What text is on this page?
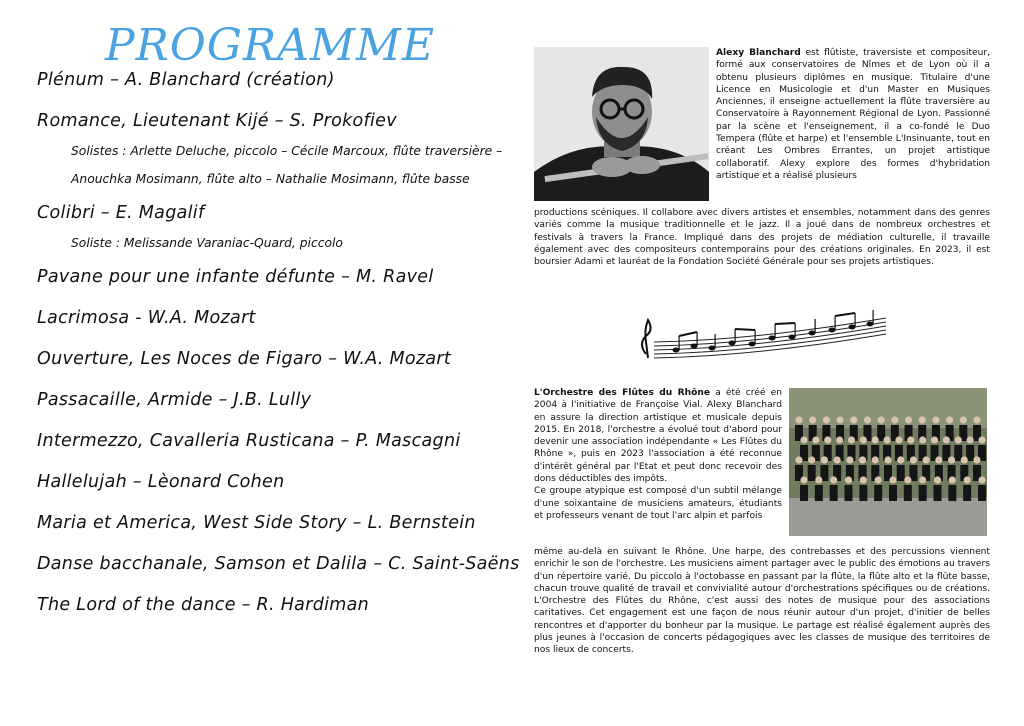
PROGRAMME
Plénum – A. Blanchard (création)
Romance, Lieutenant Kijé – S. Prokofiev
Solistes : Arlette Deluche, piccolo – Cécile Marcoux, flûte traversière – Anouchka Mosimann, flûte alto – Nathalie Mosimann, flûte basse
Colibri – E. Magalif
Soliste : Melissande Varaniac-Quard, piccolo
Pavane pour une infante défunte – M. Ravel
Lacrimosa - W.A. Mozart
Ouverture, Les Noces de Figaro – W.A. Mozart
Passacaille, Armide – J.B. Lully
Intermezzo, Cavalleria Rusticana – P. Mascagni
Hallelujah – Lèonard Cohen
Maria et America, West Side Story – L. Bernstein
Danse bacchanale, Samson et Dalila – C. Saint-Saëns
The Lord of the dance – R. Hardiman
Alexy Blanchard est flûtiste, traversiste et compositeur, formé aux conservatoires de Nîmes et de Lyon où il a obtenu plusieurs diplômes en musique. Titulaire d'une Licence en Musicologie et d'un Master en Musiques Anciennes, il enseigne actuellement la flûte traversière au Conservatoire à Rayonnement Régional de Lyon. Passionné par la scène et l'enseignement, il a co-fondé le Duo Tempera (flûte et harpe) et l'ensemble L'Insinuante, tout en créant Les Ombres Errantes, un projet artistique collaboratif. Alexy explore des formes d'hybridation artistique et a réalisé plusieurs
productions scéniques. Il collabore avec divers artistes et ensembles, notamment dans des genres variés comme la musique traditionnelle et le jazz. Il a joué dans de nombreux orchestres et festivals à travers la France. Impliqué dans des projets de médiation culturelle, il travaille également avec des compositeurs contemporains pour des créations originales. En 2023, il est boursier Adami et lauréat de la Fondation Société Générale pour ses projets artistiques.
L'Orchestre des Flûtes du Rhône a été créé en 2004 à l'initiative de Françoise Vial. Alexy Blanchard en assure la direction artistique et musicale depuis 2015. En 2018, l'orchestre a évolué tout d'abord pour devenir une association indépendante « Les Flûtes du Rhône », puis en 2023 l'association a été reconnue d'intérêt général par l'Etat et peut donc recevoir des dons déductibles des impôts.
Ce groupe atypique est composé d'un subtil mélange d'une soixantaine de musiciens amateurs, étudiants et professeurs venant de tout l'arc alpin et parfois
même au-delà en suivant le Rhône. Une harpe, des contrebasses et des percussions viennent enrichir le son de l'orchestre. Les musiciens aiment partager avec le public des émotions au travers d'un répertoire varié. Du piccolo à l'octobasse en passant par la flûte, la flûte alto et la flûte basse, chacun trouve qualité de travail et convivialité autour d'orchestrations spécifiques ou de créations. L'Orchestre des Flûtes du Rhône, c'est aussi des notes de musique pour des associations caritatives. Cet engagement est une façon de nous réunir autour d'un projet, d'initier de belles rencontres et d'apporter du bonheur par la musique. Le partage est réalisé également auprès des plus jeunes à l'occasion de concerts pédagogiques avec les classes de musique des territoires de nos lieux de concerts.
